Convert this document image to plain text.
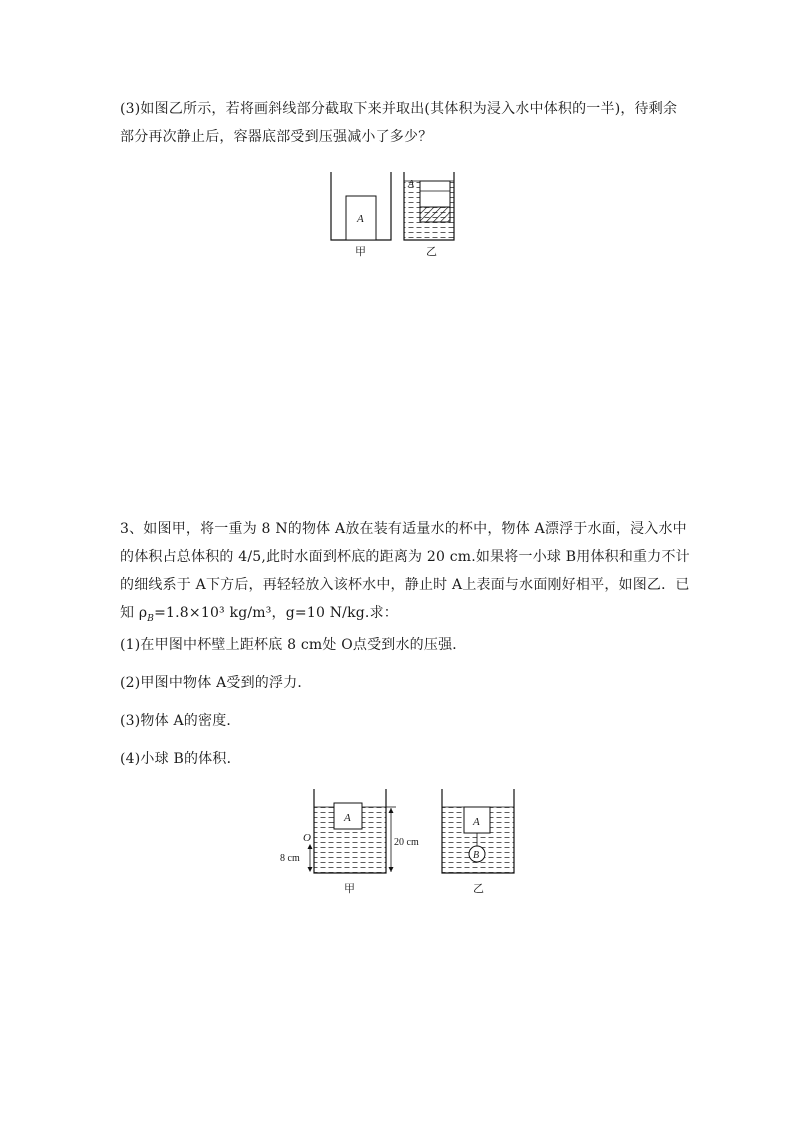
(3)如图乙所示，若将画斜线部分截取下来并取出(其体积为浸入水中体积的一半)，待剩余
部分再次静止后，容器底部受到压强减小了多少？
A
A
甲	乙
3、如图甲，将一重为 8 N的物体 A放在装有适量水的杯中，物体 A漂浮于水面，浸入水中
的体积占总体积的 4/5,此时水面到杯底的距离为 20 cm.如果将一小球 B用体积和重力不计
的细线系于 A下方后，再轻轻放入该杯水中，静止时 A上表面与水面刚好相平，如图乙．已
知 $\rho_B=1.8\times 10^3$ kg/m³，g=10 N/kg.求：
(1)在甲图中杯壁上距杯底 8 cm处 O点受到水的压强．
(2)甲图中物体 A受到的浮力．
(3)物体 A的密度．
(4)小球 B的体积．
A
O
8 cm
20 cm
A
B
甲	乙
